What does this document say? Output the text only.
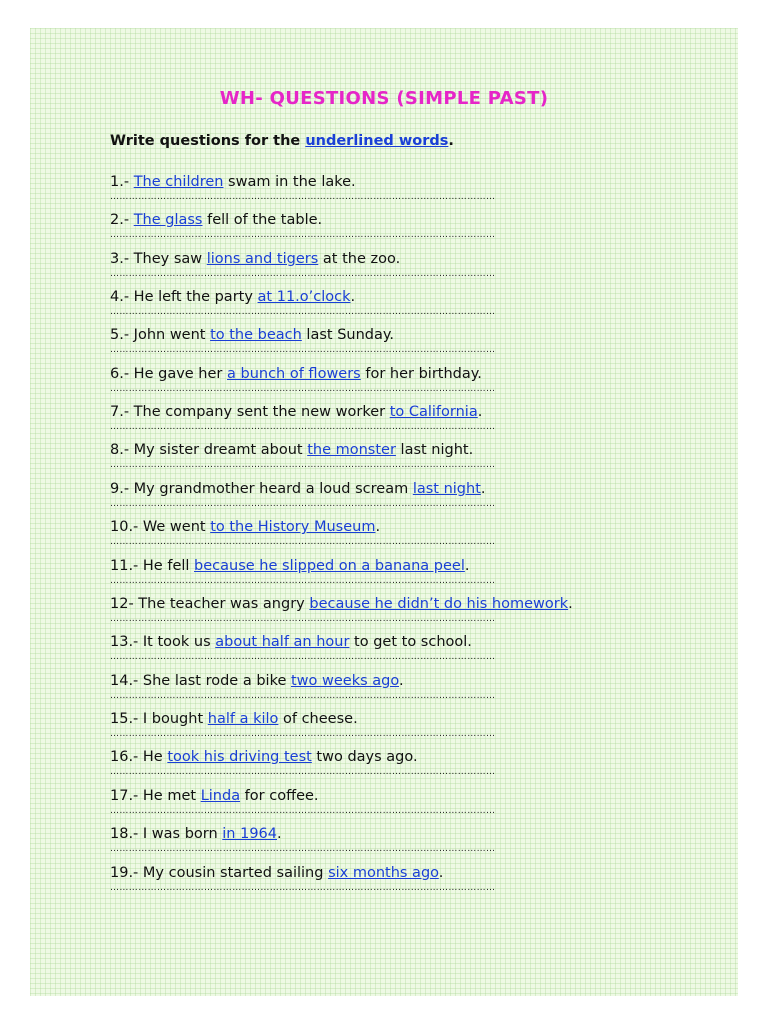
WH- QUESTIONS (SIMPLE PAST)
Write questions for the underlined words.
1.- The children swam in the lake.
……………………………………………………………………………………………………………
2.- The glass fell of the table.
……………………………………………………………………………………………………………
3.- They saw lions and tigers at the zoo.
……………………………………………………………………………………………………………
4.- He left the party at 11.o’clock.
……………………………………………………………………………………………………………
5.- John went to the beach last Sunday.
……………………………………………………………………………………………………………
6.- He gave her a bunch of flowers for her birthday.
……………………………………………………………………………………………………………
7.- The company sent the new worker to California.
……………………………………………………………………………………………………………
8.- My sister dreamt about the monster last night.
……………………………………………………………………………………………………………
9.- My grandmother heard a loud scream last night.
……………………………………………………………………………………………………………
10.- We went to the History Museum.
……………………………………………………………………………………………………………
11.- He fell because he slipped on a banana peel.
……………………………………………………………………………………………………………
12- The teacher was angry because he didn’t do his homework.
……………………………………………………………………………………………………………
13.- It took us about half an hour to get to school.
……………………………………………………………………………………………………………
14.- She last rode a bike two weeks ago.
……………………………………………………………………………………………………………
15.- I bought half a kilo of cheese.
……………………………………………………………………………………………………………
16.- He took his driving test two days ago.
……………………………………………………………………………………………………………
17.- He met Linda for coffee.
……………………………………………………………………………………………………………
18.- I was born in 1964.
……………………………………………………………………………………………………………
19.- My cousin started sailing six months ago.
……………………………………………………………………………………………………………
